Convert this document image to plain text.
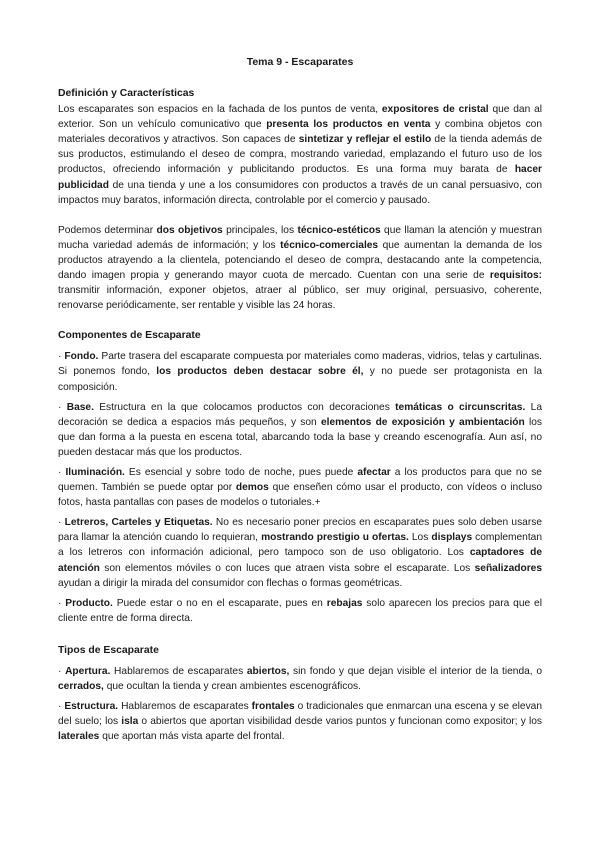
Tema 9 - Escaparates
Definición y Características

Los escaparates son espacios en la fachada de los puntos de venta, expositores de cristal que dan al exterior. Son un vehículo comunicativo que presenta los productos en venta y combina objetos con materiales decorativos y atractivos. Son capaces de sintetizar y reflejar el estilo de la tienda además de sus productos, estimulando el deseo de compra, mostrando variedad, emplazando el futuro uso de los productos, ofreciendo información y publicitando productos. Es una forma muy barata de hacer publicidad de una tienda y une a los consumidores con productos a través de un canal persuasivo, con impactos muy baratos, información directa, controlable por el comercio y pausado.

Podemos determinar dos objetivos principales, los técnico-estéticos que llaman la atención y muestran mucha variedad además de información; y los técnico-comerciales que aumentan la demanda de los productos atrayendo a la clientela, potenciando el deseo de compra, destacando ante la competencia, dando imagen propia y generando mayor cuota de mercado. Cuentan con una serie de requisitos: transmitir información, exponer objetos, atraer al público, ser muy original, persuasivo, coherente, renovarse periódicamente, ser rentable y visible las 24 horas.

Componentes de Escaparate
· Fondo. Parte trasera del escaparate compuesta por materiales como maderas, vidrios, telas y cartulinas. Si ponemos fondo, los productos deben destacar sobre él, y no puede ser protagonista en la composición.
· Base. Estructura en la que colocamos productos con decoraciones temáticas o circunscritas. La decoración se dedica a espacios más pequeños, y son elementos de exposición y ambientación los que dan forma a la puesta en escena total, abarcando toda la base y creando escenografía. Aun así, no pueden destacar más que los productos.
· Iluminación. Es esencial y sobre todo de noche, pues puede afectar a los productos para que no se quemen. También se puede optar por demos que enseñen cómo usar el producto, con vídeos o incluso fotos, hasta pantallas con pases de modelos o tutoriales.+
· Letreros, Carteles y Etiquetas. No es necesario poner precios en escaparates pues solo deben usarse para llamar la atención cuando lo requieran, mostrando prestigio u ofertas. Los displays complementan a los letreros con información adicional, pero tampoco son de uso obligatorio. Los captadores de atención son elementos móviles o con luces que atraen vista sobre el escaparate. Los señalizadores ayudan a dirigir la mirada del consumidor con flechas o formas geométricas.
· Producto. Puede estar o no en el escaparate, pues en rebajas solo aparecen los precios para que el cliente entre de forma directa.
Tipos de Escaparate
· Apertura. Hablaremos de escaparates abiertos, sin fondo y que dejan visible el interior de la tienda, o cerrados, que ocultan la tienda y crean ambientes escenográficos.
· Estructura. Hablaremos de escaparates frontales o tradicionales que enmarcan una escena y se elevan del suelo; los isla o abiertos que aportan visibilidad desde varios puntos y funcionan como expositor; y los laterales que aportan más vista aparte del frontal.
